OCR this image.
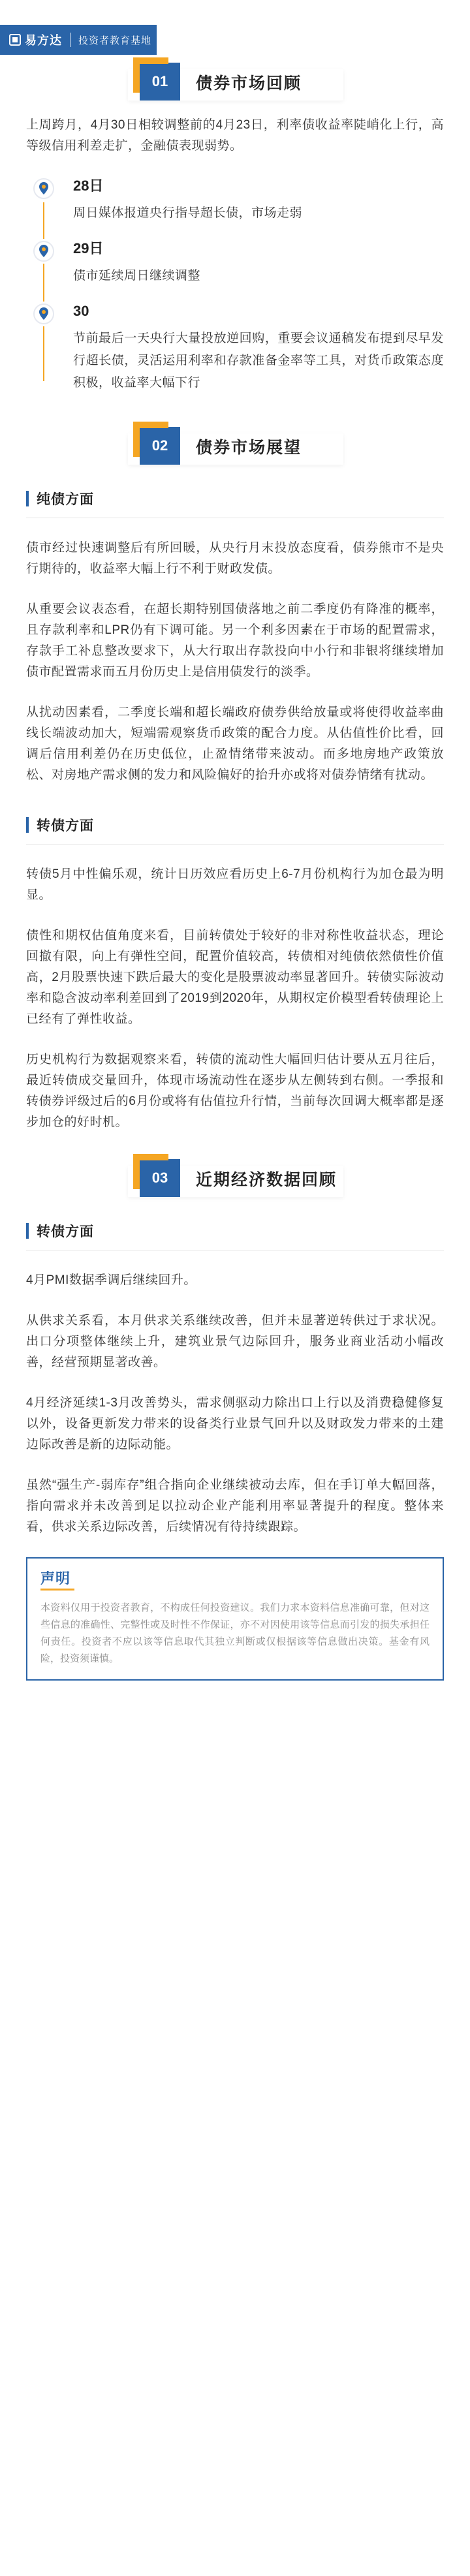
易方达 投资者教育基地
01	债券市场回顾

上周跨月，4月30日相较调整前的4月23日，利率债收益率陡峭化上行，高等级信用利差走扩，金融债表现弱势。

28日
周日媒体报道央行指导超长债，市场走弱
29日
债市延续周日继续调整
30
节前最后一天央行大量投放逆回购，重要会议通稿发布提到尽早发行超长债，灵活运用利率和存款准备金率等工具，对货币政策态度积极，收益率大幅下行
02	债券市场展望
纯债方面

债市经过快速调整后有所回暖，从央行月末投放态度看，债券熊市不是央行期待的，收益率大幅上行不利于财政发债。

从重要会议表态看，在超长期特别国债落地之前二季度仍有降准的概率，且存款利率和LPR仍有下调可能。另一个利多因素在于市场的配置需求，存款手工补息整改要求下，从大行取出存款投向中小行和非银将继续增加债市配置需求而五月份历史上是信用债发行的淡季。

从扰动因素看，二季度长端和超长端政府债券供给放量或将使得收益率曲线长端波动加大，短端需观察货币政策的配合力度。从估值性价比看，回调后信用利差仍在历史低位，止盈情绪带来波动。而多地房地产政策放松、对房地产需求侧的发力和风险偏好的抬升亦或将对债券情绪有扰动。

转债方面

转债5月中性偏乐观，统计日历效应看历史上6-7月份机构行为加仓最为明显。

债性和期权估值角度来看，目前转债处于较好的非对称性收益状态，理论回撤有限，向上有弹性空间，配置价值较高，转债相对纯债依然债性价值高，2月股票快速下跌后最大的变化是股票波动率显著回升。转债实际波动率和隐含波动率利差回到了2019到2020年，从期权定价模型看转债理论上已经有了弹性收益。

历史机构行为数据观察来看，转债的流动性大幅回归估计要从五月往后，最近转债成交量回升，体现市场流动性在逐步从左侧转到右侧。一季报和转债券评级过后的6月份或将有估值拉升行情，当前每次回调大概率都是逐步加仓的好时机。

03	近期经济数据回顾
转债方面

4月PMI数据季调后继续回升。

从供求关系看，本月供求关系继续改善，但并未显著逆转供过于求状况。出口分项整体继续上升，建筑业景气边际回升，服务业商业活动小幅改善，经营预期显著改善。

4月经济延续1-3月改善势头，需求侧驱动力除出口上行以及消费稳健修复以外，设备更新发力带来的设备类行业景气回升以及财政发力带来的土建边际改善是新的边际动能。

虽然“强生产-弱库存”组合指向企业继续被动去库，但在手订单大幅回落，指向需求并未改善到足以拉动企业产能利用率显著提升的程度。整体来看，供求关系边际改善，后续情况有待持续跟踪。

声明
本资料仅用于投资者教育，不构成任何投资建议。我们力求本资料信息准确可靠，但对这些信息的准确性、完整性或及时性不作保证，亦不对因使用该等信息而引发的损失承担任何责任。投资者不应以该等信息取代其独立判断或仅根据该等信息做出决策。基金有风险，投资须谨慎。
